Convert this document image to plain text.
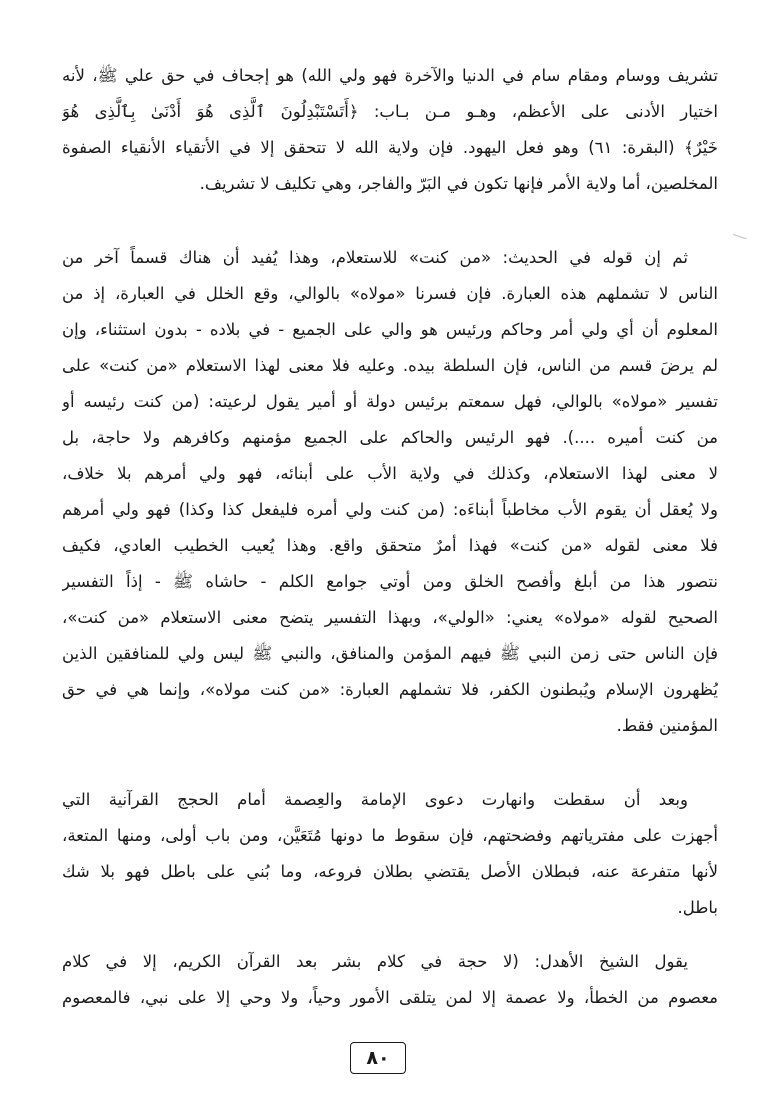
تشريف ووسام ومقام سام في الدنيا والآخرة فهو ولي الله) هو إجحاف في حق علي ﷺ، لأنه
اختيار الأدنى على الأعظم، وهـو مـن بـاب: ﴿أَتَسْتَبْدِلُونَ ٱلَّذِى هُوَ أَدْنَىٰ بِٱلَّذِى هُوَ
خَيْرٌ﴾ (البقرة: ٦١) وهو فعل اليهود. فإن ولاية الله لا تتحقق إلا في الأتقياء الأنقياء الصفوة
المخلصين، أما ولاية الأمر فإنها تكون في البَرّ والفاجر، وهي تكليف لا تشريف.
ثم إن قوله في الحديث: «من كنت» للاستعلام، وهذا يُفيد أن هناك قسماً آخر من
الناس لا تشملهم هذه العبارة. فإن فسرنا «مولاه» بالوالي، وقع الخلل في العبارة، إذ من
المعلوم أن أي ولي أمر وحاكم ورئيس هو والي على الجميع - في بلاده - بدون استثناء، وإن
لم يرضَ قسم من الناس، فإن السلطة بيده. وعليه فلا معنى لهذا الاستعلام «من كنت» على
تفسير «مولاه» بالوالي، فهل سمعتم برئيس دولة أو أمير يقول لرعيته: (من كنت رئيسه أو
من كنت أميره ....). فهو الرئيس والحاكم على الجميع مؤمنهم وكافرهم ولا حاجة، بل
لا معنى لهذا الاستعلام، وكذلك في ولاية الأب على أبنائه، فهو ولي أمرهم بلا خلاف،
ولا يُعقل أن يقوم الأب مخاطباً أبناءَه: (من كنت ولي أمره فليفعل كذا وكذا) فهو ولي أمرهم
فلا معنى لقوله «من كنت» فهذا أمرٌ متحقق واقع. وهذا يُعيب الخطيب العادي، فكيف
نتصور هذا من أبلغ وأفصح الخلق ومن أوتي جوامع الكلم - حاشاه ﷺ - إذاً التفسير
الصحيح لقوله «مولاه» يعني: «الولي»، وبهذا التفسير يتضح معنى الاستعلام «من كنت»،
فإن الناس حتى زمن النبي ﷺ فيهم المؤمن والمنافق، والنبي ﷺ ليس ولي للمنافقين الذين
يُظهرون الإسلام ويُبطنون الكفر، فلا تشملهم العبارة: «من كنت مولاه»، وإنما هي في حق
المؤمنين فقط.
وبعد أن سقطت وانهارت دعوى الإمامة والعِصمة أمام الحجج القرآنية التي
أجهزت على مفترياتهم وفضحتهم، فإن سقوط ما دونها مُتَعَيَّن، ومن باب أولى، ومنها المتعة،
لأنها متفرعة عنه، فبطلان الأصل يقتضي بطلان فروعه، وما بُني على باطل فهو بلا شك
باطل.
يقول الشيخ الأهدل: (لا حجة في كلام بشر بعد القرآن الكريم، إلا في كلام
معصوم من الخطأ، ولا عصمة إلا لمن يتلقى الأمور وحياً، ولا وحي إلا على نبي، فالمعصوم
٨٠
